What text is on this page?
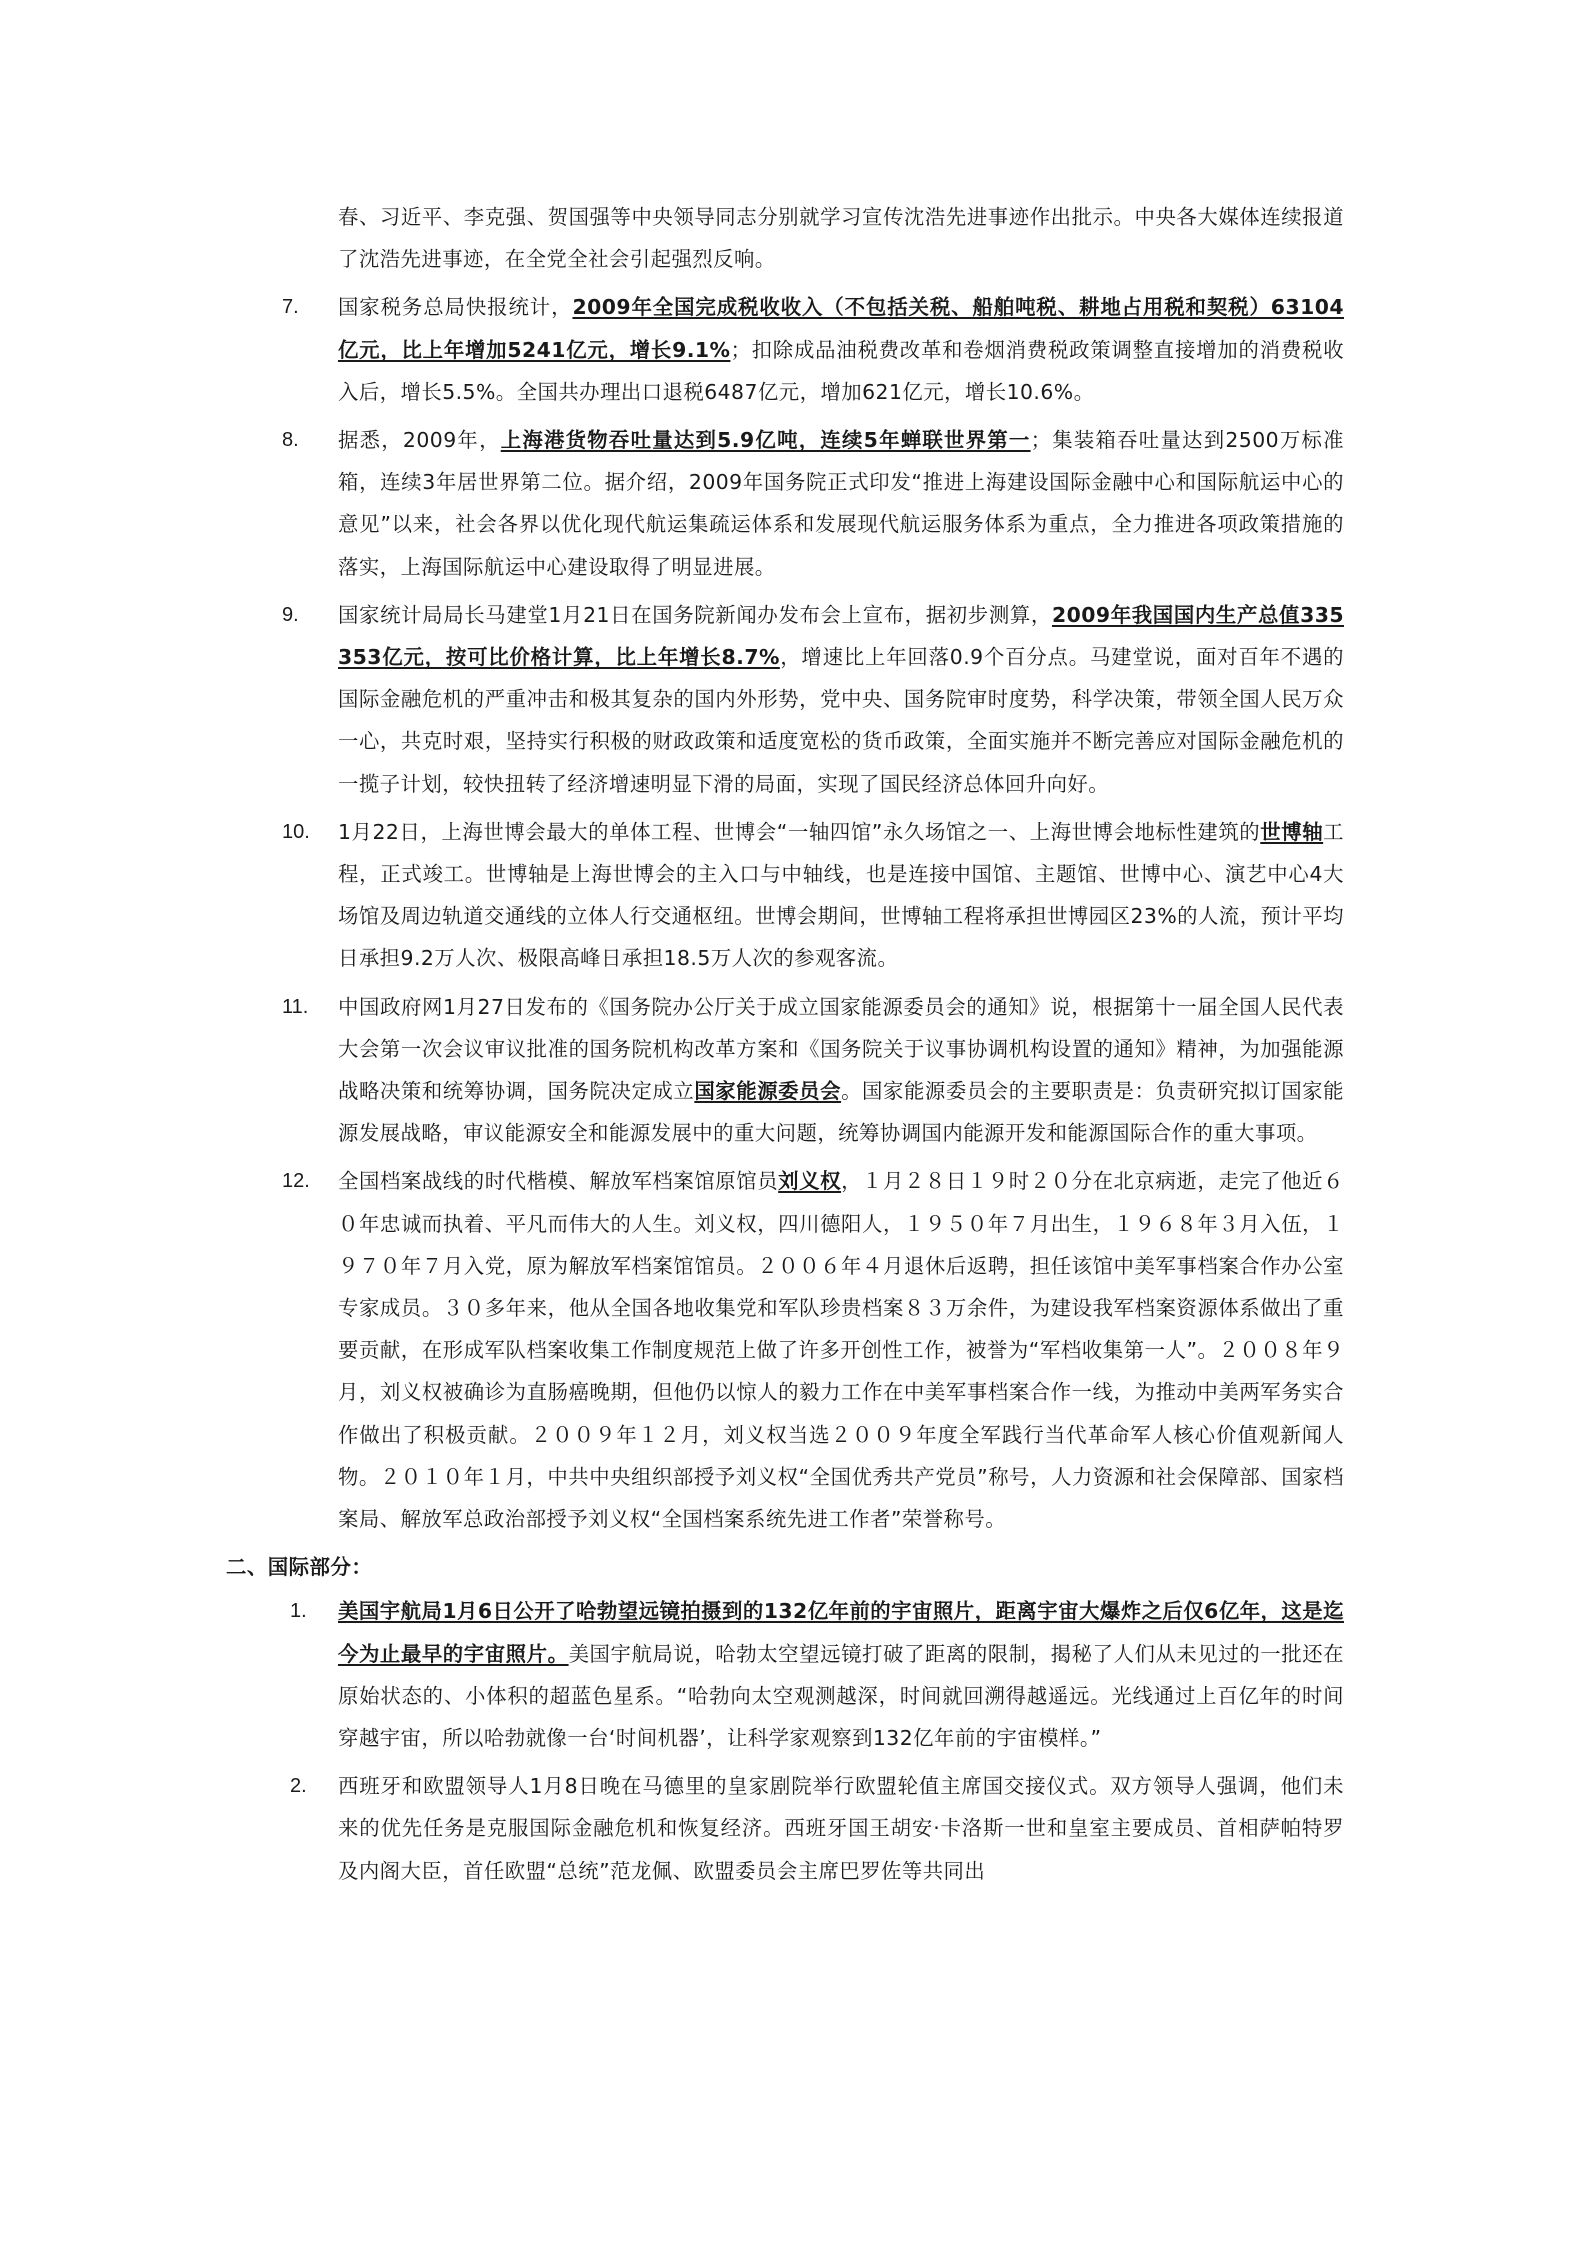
春、习近平、李克强、贺国强等中央领导同志分别就学习宣传沈浩先进事迹作出批示。中央各大媒体连续报道了沈浩先进事迹，在全党全社会引起强烈反响。
7.	国家税务总局快报统计，2009年全国完成税收收入（不包括关税、船舶吨税、耕地占用税和契税）63104亿元，比上年增加5241亿元，增长9.1%；扣除成品油税费改革和卷烟消费税政策调整直接增加的消费税收入后，增长5.5%。全国共办理出口退税6487亿元，增加621亿元，增长10.6%。
8.	据悉，2009年，上海港货物吞吐量达到5.9亿吨，连续5年蝉联世界第一；集装箱吞吐量达到2500万标准箱，连续3年居世界第二位。据介绍，2009年国务院正式印发“推进上海建设国际金融中心和国际航运中心的意见”以来，社会各界以优化现代航运集疏运体系和发展现代航运服务体系为重点，全力推进各项政策措施的落实，上海国际航运中心建设取得了明显进展。
9.	国家统计局局长马建堂1月21日在国务院新闻办发布会上宣布，据初步测算，2009年我国国内生产总值335353亿元，按可比价格计算，比上年增长8.7%，增速比上年回落0.9个百分点。马建堂说，面对百年不遇的国际金融危机的严重冲击和极其复杂的国内外形势，党中央、国务院审时度势，科学决策，带领全国人民万众一心，共克时艰，坚持实行积极的财政政策和适度宽松的货币政策，全面实施并不断完善应对国际金融危机的一揽子计划，较快扭转了经济增速明显下滑的局面，实现了国民经济总体回升向好。
10.	1月22日，上海世博会最大的单体工程、世博会“一轴四馆”永久场馆之一、上海世博会地标性建筑的世博轴工程，正式竣工。世博轴是上海世博会的主入口与中轴线，也是连接中国馆、主题馆、世博中心、演艺中心4大场馆及周边轨道交通线的立体人行交通枢纽。世博会期间，世博轴工程将承担世博园区23%的人流，预计平均日承担9.2万人次、极限高峰日承担18.5万人次的参观客流。
11.	中国政府网1月27日发布的《国务院办公厅关于成立国家能源委员会的通知》说，根据第十一届全国人民代表大会第一次会议审议批准的国务院机构改革方案和《国务院关于议事协调机构设置的通知》精神，为加强能源战略决策和统筹协调，国务院决定成立国家能源委员会。国家能源委员会的主要职责是：负责研究拟订国家能源发展战略，审议能源安全和能源发展中的重大问题，统筹协调国内能源开发和能源国际合作的重大事项。
12.	全国档案战线的时代楷模、解放军档案馆原馆员刘义权，１月２８日１９时２０分在北京病逝，走完了他近６０年忠诚而执着、平凡而伟大的人生。刘义权，四川德阳人，１９５０年７月出生，１９６８年３月入伍，１９７０年７月入党，原为解放军档案馆馆员。２００６年４月退休后返聘，担任该馆中美军事档案合作办公室专家成员。３０多年来，他从全国各地收集党和军队珍贵档案８３万余件，为建设我军档案资源体系做出了重要贡献，在形成军队档案收集工作制度规范上做了许多开创性工作，被誉为“军档收集第一人”。２００８年９月，刘义权被确诊为直肠癌晚期，但他仍以惊人的毅力工作在中美军事档案合作一线，为推动中美两军务实合作做出了积极贡献。２００９年１２月，刘义权当选２００９年度全军践行当代革命军人核心价值观新闻人物。２０１０年１月，中共中央组织部授予刘义权“全国优秀共产党员”称号，人力资源和社会保障部、国家档案局、解放军总政治部授予刘义权“全国档案系统先进工作者”荣誉称号。
二、国际部分：
1.	美国宇航局1月6日公开了哈勃望远镜拍摄到的132亿年前的宇宙照片，距离宇宙大爆炸之后仅6亿年，这是迄今为止最早的宇宙照片。美国宇航局说，哈勃太空望远镜打破了距离的限制，揭秘了人们从未见过的一批还在原始状态的、小体积的超蓝色星系。“哈勃向太空观测越深，时间就回溯得越遥远。光线通过上百亿年的时间穿越宇宙，所以哈勃就像一台‘时间机器’，让科学家观察到132亿年前的宇宙模样。”
2.	西班牙和欧盟领导人1月8日晚在马德里的皇家剧院举行欧盟轮值主席国交接仪式。双方领导人强调，他们未来的优先任务是克服国际金融危机和恢复经济。西班牙国王胡安·卡洛斯一世和皇室主要成员、首相萨帕特罗及内阁大臣，首任欧盟“总统”范龙佩、欧盟委员会主席巴罗佐等共同出
